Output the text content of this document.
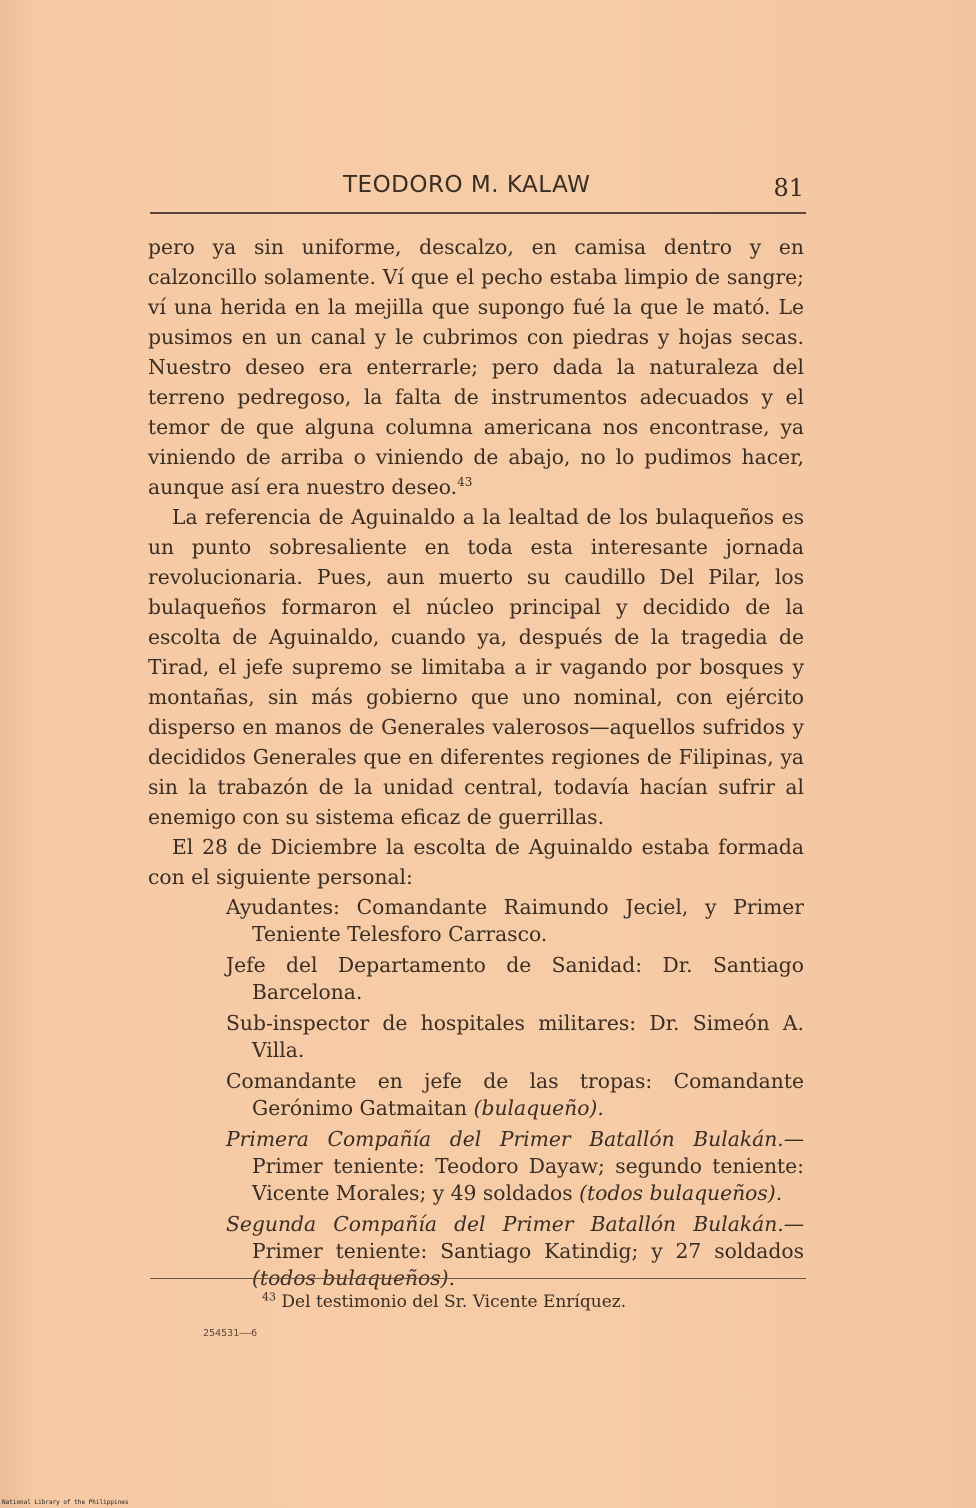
TEODORO M. KALAW	81

pero ya sin uniforme, descalzo, en camisa dentro y en calzoncillo solamente. Ví que el pecho estaba limpio de sangre; ví una herida en la mejilla que supongo fué la que le mató. Le pusimos en un canal y le cubrimos con piedras y hojas secas. Nuestro deseo era enterrarle; pero dada la naturaleza del terreno pedregoso, la falta de instrumentos adecuados y el temor de que alguna columna americana nos encontrase, ya viniendo de arriba o viniendo de abajo, no lo pudimos hacer, aunque así era nuestro deseo.$^{43}$

La referencia de Aguinaldo a la lealtad de los bulaqueños es un punto sobresaliente en toda esta interesante jornada revolucionaria. Pues, aun muerto su caudillo Del Pilar, los bulaqueños formaron el núcleo principal y decidido de la escolta de Aguinaldo, cuando ya, después de la tragedia de Tirad, el jefe supremo se limitaba a ir vagando por bosques y montañas, sin más gobierno que uno nominal, con ejército disperso en manos de Generales valerosos—aquellos sufridos y decididos Generales que en diferentes regiones de Filipinas, ya sin la trabazón de la unidad central, todavía hacían sufrir al enemigo con su sistema eficaz de guerrillas.

El 28 de Diciembre la escolta de Aguinaldo estaba formada con el siguiente personal:

Ayudantes: Comandante Raimundo Jeciel, y Primer Teniente Telesforo Carrasco.
Jefe del Departamento de Sanidad: Dr. Santiago Barcelona.
Sub-inspector de hospitales militares: Dr. Simeón A. Villa.
Comandante en jefe de las tropas: Comandante Gerónimo Gatmaitan (bulaqueño).
Primera Compañía del Primer Batallón Bulakán.— Primer teniente: Teodoro Dayaw; segundo teniente: Vicente Morales; y 49 soldados (todos bulaqueños).
Segunda Compañía del Primer Batallón Bulakán.— Primer teniente: Santiago Katindig; y 27 soldados (todos bulaqueños).
$^{43}$ Del testimonio del Sr. Vicente Enríquez.
254531——6
National Library of the Philippines
